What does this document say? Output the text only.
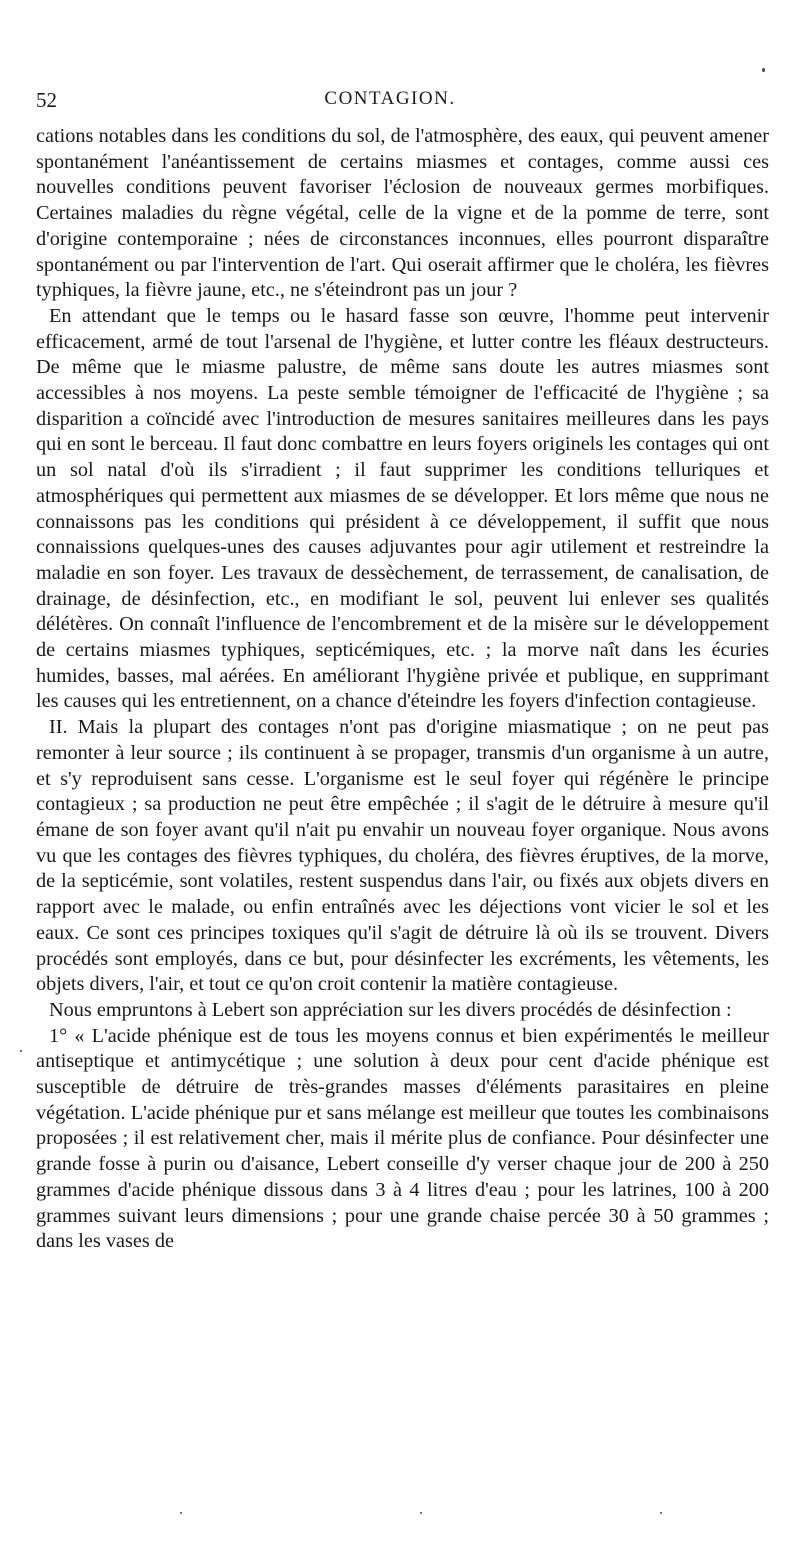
52	CONTAGION.

cations notables dans les conditions du sol, de l'atmosphère, des eaux, qui peuvent amener spontanément l'anéantissement de certains miasmes et contages, comme aussi ces nouvelles conditions peuvent favoriser l'éclosion de nouveaux germes morbifiques. Certaines maladies du règne végétal, celle de la vigne et de la pomme de terre, sont d'origine contemporaine ; nées de circonstances inconnues, elles pourront disparaître spontanément ou par l'intervention de l'art. Qui oserait affirmer que le choléra, les fièvres typhiques, la fièvre jaune, etc., ne s'éteindront pas un jour ?

En attendant que le temps ou le hasard fasse son œuvre, l'homme peut intervenir efficacement, armé de tout l'arsenal de l'hygiène, et lutter contre les fléaux destructeurs. De même que le miasme palustre, de même sans doute les autres miasmes sont accessibles à nos moyens. La peste semble témoigner de l'efficacité de l'hygiène ; sa disparition a coïncidé avec l'introduction de mesures sanitaires meilleures dans les pays qui en sont le berceau. Il faut donc combattre en leurs foyers originels les contages qui ont un sol natal d'où ils s'irradient ; il faut supprimer les conditions telluriques et atmosphériques qui permettent aux miasmes de se développer. Et lors même que nous ne connaissons pas les conditions qui président à ce développement, il suffit que nous connaissions quelques-unes des causes adjuvantes pour agir utilement et restreindre la maladie en son foyer. Les travaux de dessèchement, de terrassement, de canalisation, de drainage, de désinfection, etc., en modifiant le sol, peuvent lui enlever ses qualités délétères. On connaît l'influence de l'encombrement et de la misère sur le développement de certains miasmes typhiques, septicémiques, etc. ; la morve naît dans les écuries humides, basses, mal aérées. En améliorant l'hygiène privée et publique, en supprimant les causes qui les entretiennent, on a chance d'éteindre les foyers d'infection contagieuse.

II. Mais la plupart des contages n'ont pas d'origine miasmatique ; on ne peut pas remonter à leur source ; ils continuent à se propager, transmis d'un organisme à un autre, et s'y reproduisent sans cesse. L'organisme est le seul foyer qui régénère le principe contagieux ; sa production ne peut être empêchée ; il s'agit de le détruire à mesure qu'il émane de son foyer avant qu'il n'ait pu envahir un nouveau foyer organique. Nous avons vu que les contages des fièvres typhiques, du choléra, des fièvres éruptives, de la morve, de la septicémie, sont volatiles, restent suspendus dans l'air, ou fixés aux objets divers en rapport avec le malade, ou enfin entraînés avec les déjections vont vicier le sol et les eaux. Ce sont ces principes toxiques qu'il s'agit de détruire là où ils se trouvent. Divers procédés sont employés, dans ce but, pour désinfecter les excréments, les vêtements, les objets divers, l'air, et tout ce qu'on croit contenir la matière contagieuse.

Nous empruntons à Lebert son appréciation sur les divers procédés de désinfection :

1° « L'acide phénique est de tous les moyens connus et bien expérimentés le meilleur antiseptique et antimycétique ; une solution à deux pour cent d'acide phénique est susceptible de détruire de très-grandes masses d'éléments parasitaires en pleine végétation. L'acide phénique pur et sans mélange est meilleur que toutes les combinaisons proposées ; il est relativement cher, mais il mérite plus de confiance. Pour désinfecter une grande fosse à purin ou d'aisance, Lebert conseille d'y verser chaque jour de 200 à 250 grammes d'acide phénique dissous dans 3 à 4 litres d'eau ; pour les latrines, 100 à 200 grammes suivant leurs dimensions ; pour une grande chaise percée 30 à 50 grammes ; dans les vases de
